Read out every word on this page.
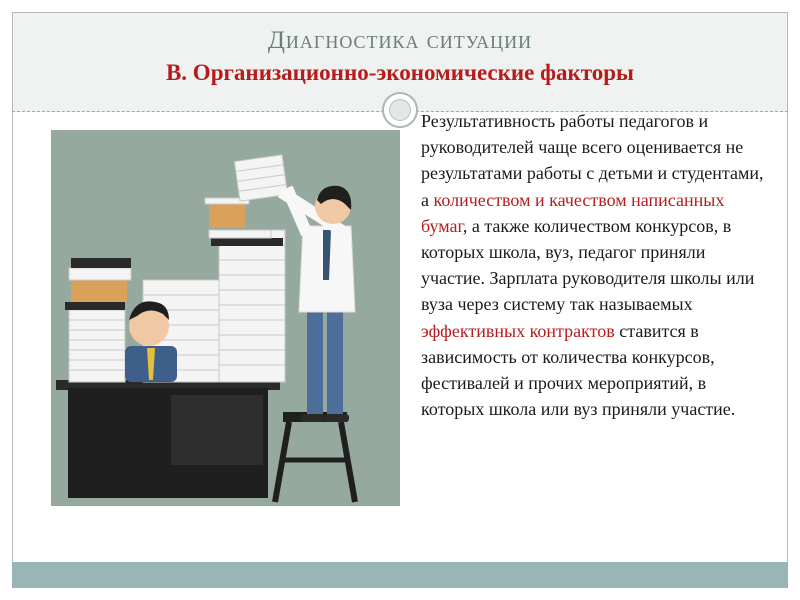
Диагностика ситуации
В. Организационно-экономические факторы
Результативность работы педагогов и руководителей чаще всего оценивается не результатами работы с детьми и студентами, а количеством и качеством написанных бумаг, а также количеством конкурсов, в которых школа, вуз, педагог приняли участие. Зарплата руководителя школы или вуза через систему так называемых эффективных контрактов ставится в зависимость от количества конкурсов, фестивалей и прочих мероприятий, в которых школа или вуз приняли участие.
